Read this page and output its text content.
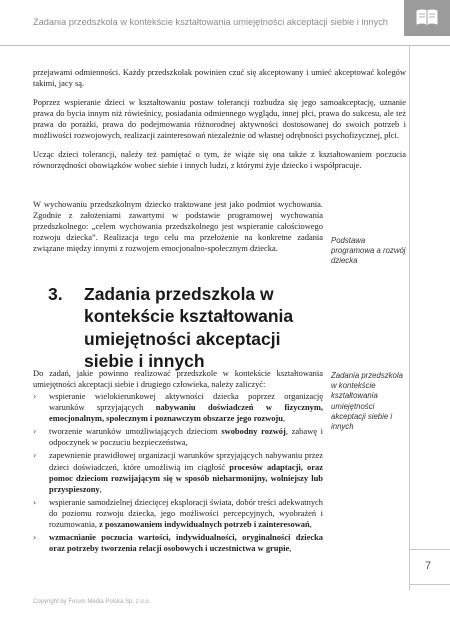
Zadania przedszkola w kontekście kształtowania umiejętności akceptacji siebie i innych

przejawami odmienności. Każdy przedszkolak powinien czuć się akceptowany i umieć akceptować kolegów takimi, jacy są.

Poprzez wspieranie dzieci w kształtowaniu postaw tolerancji rozbudza się jego samoakceptację, uznanie prawa do bycia innym niż rówieśnicy, posiadania odmiennego wyglądu, innej płci, prawa do sukcesu, ale też prawa do porażki, prawa do podejmowania różnorodnej aktywności dostosowanej do swoich potrzeb i możliwości rozwojowych, realizacji zainteresowań niezależnie od własnej odrębności psychofizycznej, płci.

Ucząc dzieci tolerancji, należy też pamiętać o tym, że wiąże się ona także z kształtowaniem poczucia równorzędności obowiązków wobec siebie i innych ludzi, z którymi żyje dziecko i współpracuje.

W wychowaniu przedszkolnym dziecko traktowane jest jako podmiot wychowania. Zgodnie z założeniami zawartymi w podstawie programowej wychowania przedszkolnego: „celem wychowania przedszkolnego jest wspieranie całościowego rozwoju dziecka”. Realizacja tego celu ma przełożenie na konkretne zadania związane między innymi z rozwojem emocjonalno-społecznym dziecka.

Podstawa programowa a rozwój dziecka
Zadania przedszkola w kontekście kształtowania umiejętności akceptacji siebie i innych
3. Zadania przedszkola w kontekście kształtowania umiejętności akceptacji siebie i innych
Do zadań, jakie powinno realizować przedszkole w kontekście kształtowania umiejętności akceptacji siebie i drugiego człowieka, należy zaliczyć:
› wspieranie wielokierunkowej aktywności dziecka poprzez organizację warunków sprzyjających nabywaniu doświadczeń w fizycznym, emocjonalnym, społecznym i poznawczym obszarze jego rozwoju,
› tworzenie warunków umożliwiających dzieciom swobodny rozwój, zabawę i odpoczynek w poczuciu bezpieczeństwa,
› zapewnienie prawidłowej organizacji warunków sprzyjających nabywaniu przez dzieci doświadczeń, które umożliwią im ciągłość procesów adaptacji, oraz pomoc dzieciom rozwijającym się w sposób nieharmonijny, wolniejszy lub przyspieszony,
› wspieranie samodzielnej dziecięcej eksploracji świata, dobór treści adekwatnych do poziomu rozwoju dziecka, jego możliwości percepcyjnych, wyobrażeń i rozumowania, z poszanowaniem indywidualnych potrzeb i zainteresowań,
› wzmacnianie poczucia wartości, indywidualności, oryginalności dziecka oraz potrzeby tworzenia relacji osobowych i uczestnictwa w grupie,
7
Copyright by Forum Media Polska Sp. z o.o.
